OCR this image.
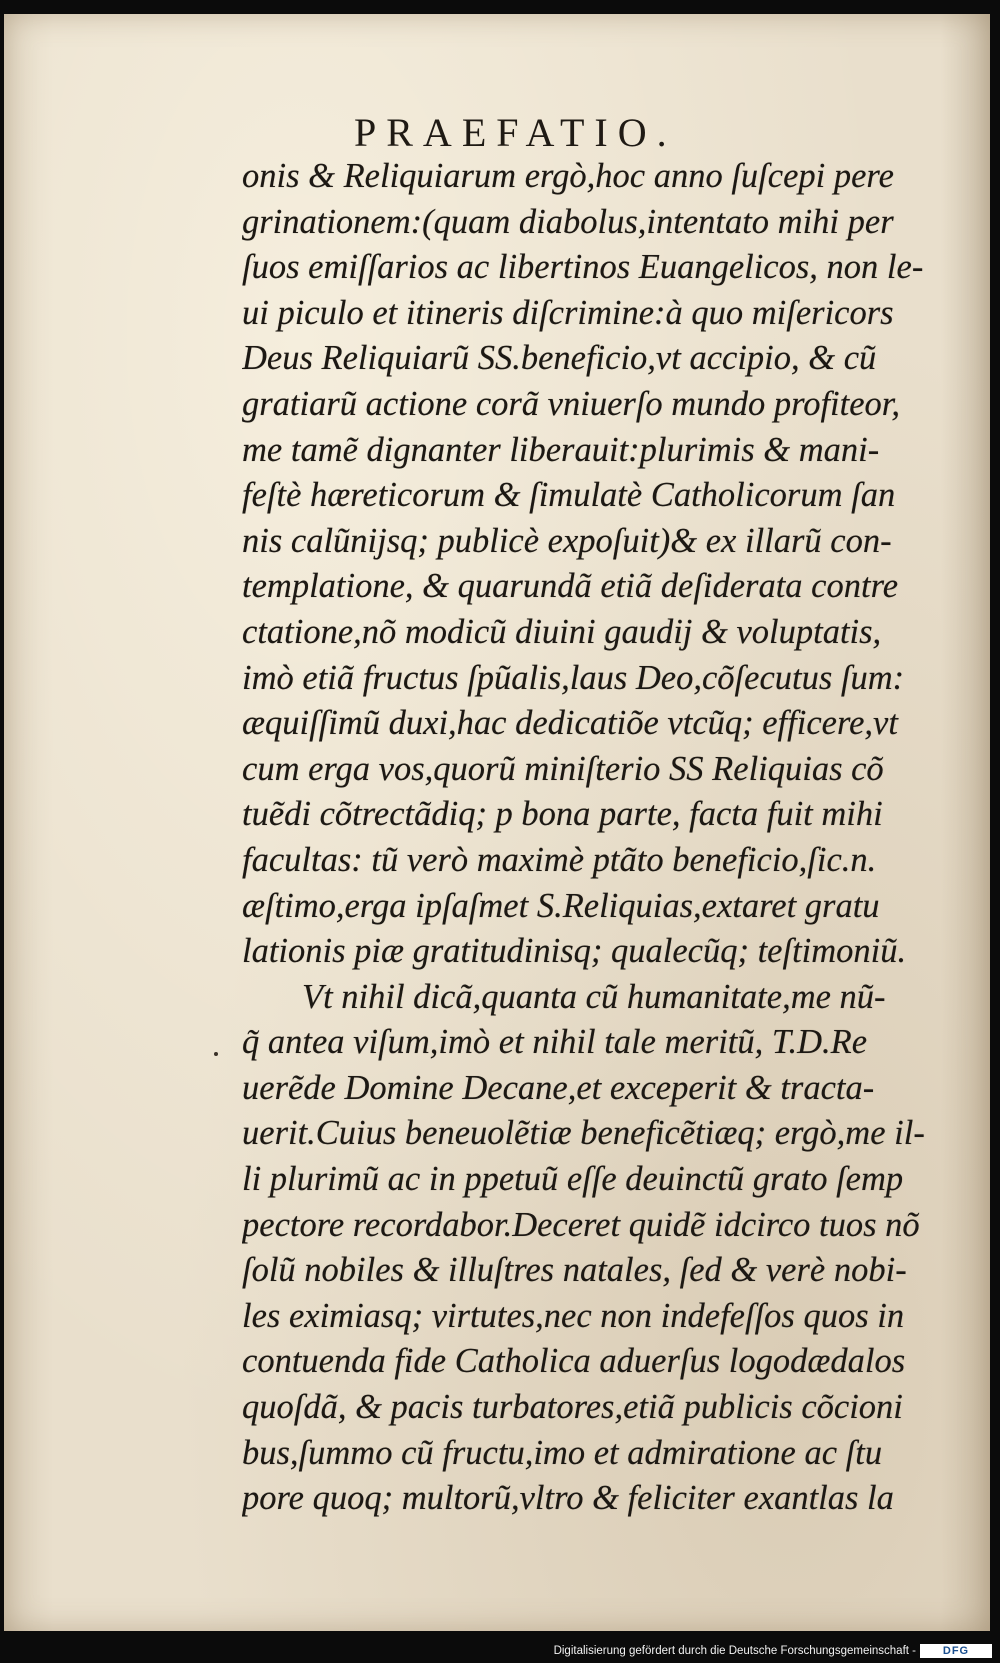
PRAEFATIO.
onis & Reliquiarum ergò,hoc anno ſuſcepi pere
grinationem:(quam diabolus,intentato mihi per
ſuos emiſſarios ac libertinos Euangelicos, non le-
ui piculo et itineris diſcrimine:à quo miſericors
Deus Reliquiarũ SS.beneficio,vt accipio, & cũ
gratiarũ actione corã vniuerſo mundo profiteor,
me tamẽ dignanter liberauit:plurimis & mani-
feſtè hæreticorum & ſimulatè Catholicorum ſan
nis calũnijsq; publicè expoſuit)& ex illarũ con-
templatione, & quarundã etiã deſiderata contre
ctatione,nõ modicũ diuini gaudij & voluptatis,
imò etiã fructus ſpũalis,laus Deo,cõſecutus ſum:
æquiſſimũ duxi,hac dedicatiõe vtcũq; efficere,vt
cum erga vos,quorũ miniſterio SS Reliquias cõ
tuẽdi cõtrectãdiq; p bona parte, facta fuit mihi
facultas: tũ verò maximè ptãto beneficio,ſic.n.
æſtimo,erga ipſaſmet S.Reliquias,extaret gratu
lationis piæ gratitudinisq; qualecũq; teſtimoniũ.
Vt nihil dicã,quanta cũ humanitate,me nũ-
q̃ antea viſum,imò et nihil tale meritũ, T.D.Re
uerẽde Domine Decane,et exceperit & tracta-
uerit.Cuius beneuolẽtiæ beneficẽtiæq; ergò,me il-
li plurimũ ac in ppetuũ eſſe deuinctũ grato ſemp
pectore recordabor.Deceret quidẽ idcirco tuos nõ
ſolũ nobiles & illuſtres natales, ſed & verè nobi-
les eximiasq; virtutes,nec non indefeſſos quos in
contuenda fide Catholica aduerſus logodædalos
quoſdã, & pacis turbatores,etiã publicis cõcioni
bus,ſummo cũ fructu,imo et admiratione ac ſtu
pore quoq; multorũ,vltro & feliciter exantlas la
Digitalisierung gefördert durch die Deutsche Forschungsgemeinschaft -	DFG
